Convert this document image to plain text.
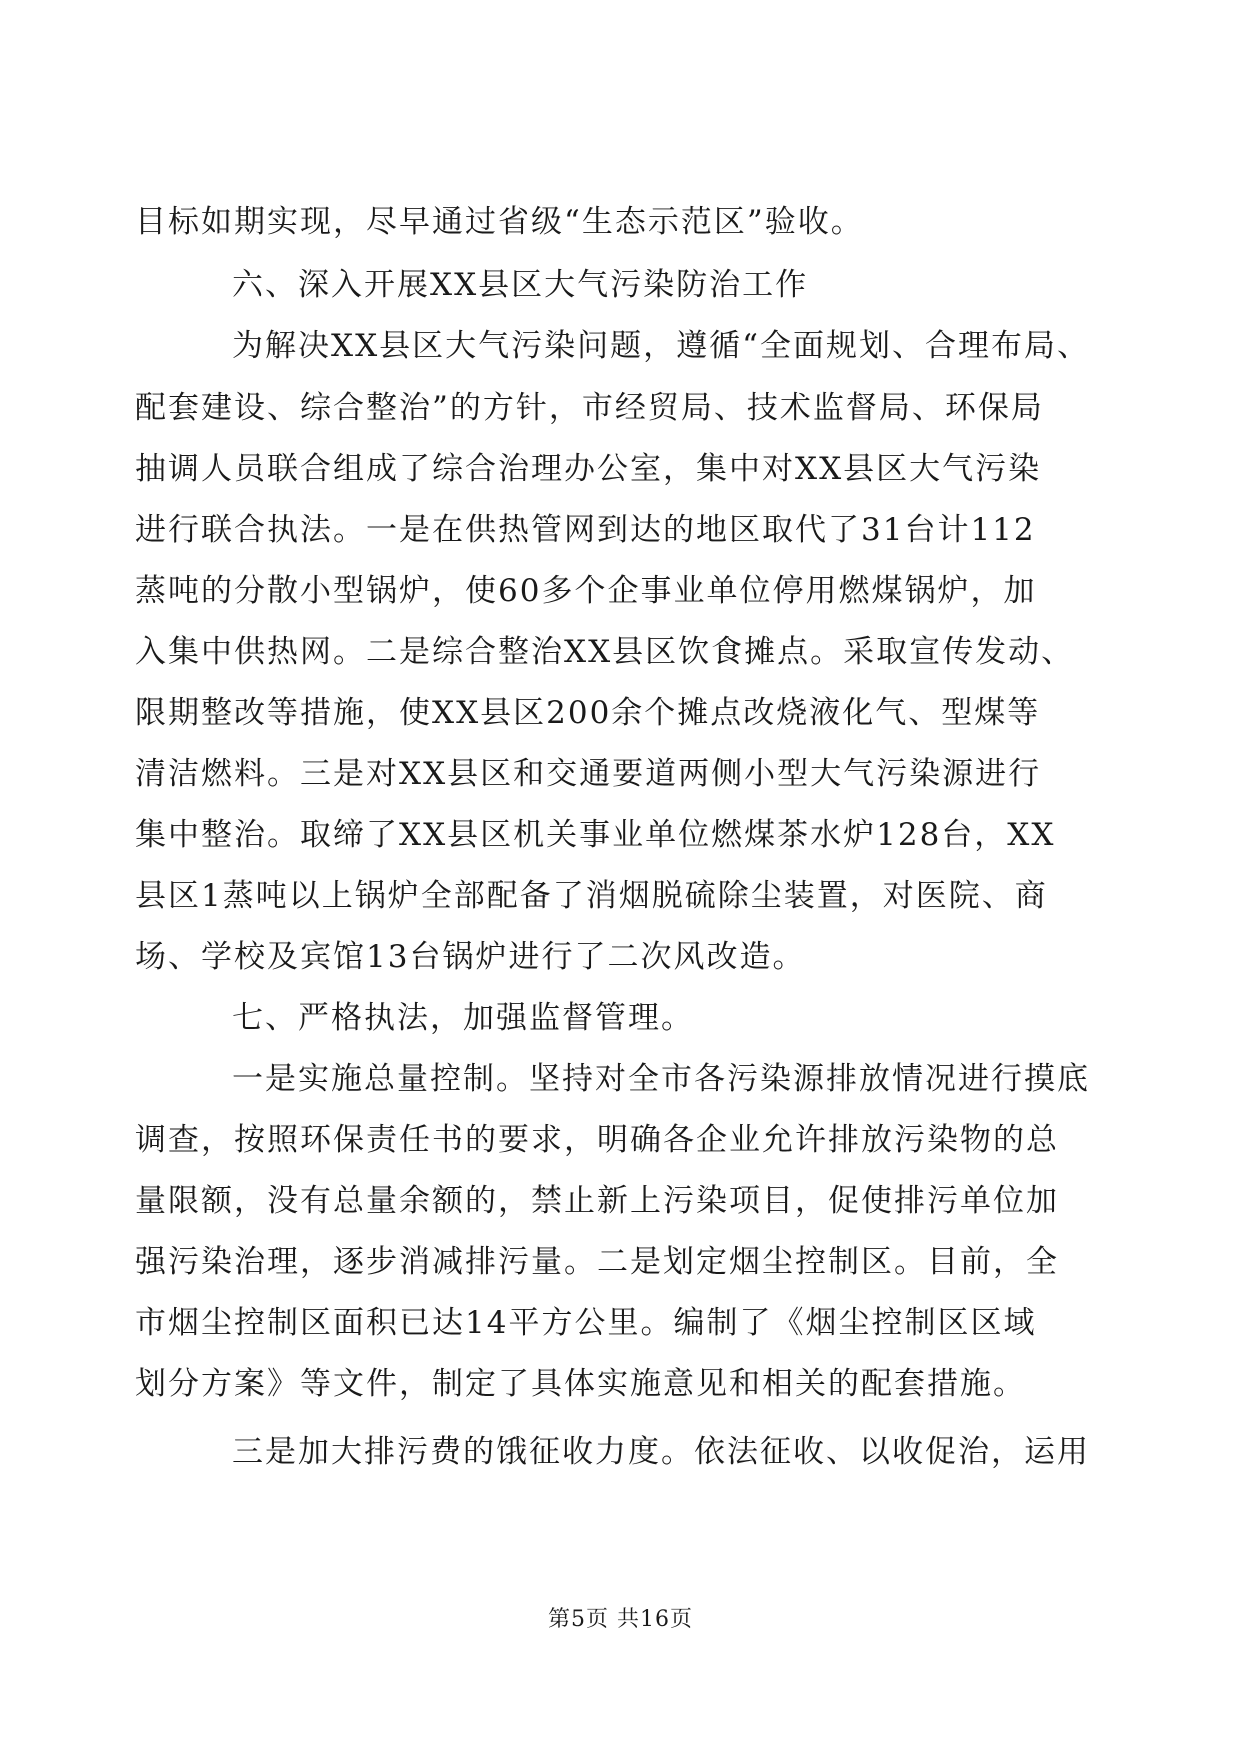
目标如期实现，尽早通过省级“生态示范区”验收。
六、深入开展XX县区大气污染防治工作
为解决XX县区大气污染问题，遵循“全面规划、合理布局、
配套建设、综合整治”的方针，市经贸局、技术监督局、环保局
抽调人员联合组成了综合治理办公室，集中对XX县区大气污染
进行联合执法。一是在供热管网到达的地区取代了31台计112
蒸吨的分散小型锅炉，使60多个企事业单位停用燃煤锅炉，加
入集中供热网。二是综合整治XX县区饮食摊点。采取宣传发动、
限期整改等措施，使XX县区200余个摊点改烧液化气、型煤等
清洁燃料。三是对XX县区和交通要道两侧小型大气污染源进行
集中整治。取缔了XX县区机关事业单位燃煤茶水炉128台，XX
县区1蒸吨以上锅炉全部配备了消烟脱硫除尘装置，对医院、商
场、学校及宾馆13台锅炉进行了二次风改造。
七、严格执法，加强监督管理。
一是实施总量控制。坚持对全市各污染源排放情况进行摸底
调查，按照环保责任书的要求，明确各企业允许排放污染物的总
量限额，没有总量余额的，禁止新上污染项目，促使排污单位加
强污染治理，逐步消减排污量。二是划定烟尘控制区。目前，全
市烟尘控制区面积已达14平方公里。编制了《烟尘控制区区域
划分方案》等文件，制定了具体实施意见和相关的配套措施。
三是加大排污费的饿征收力度。依法征收、以收促治，运用
第5页 共16页
